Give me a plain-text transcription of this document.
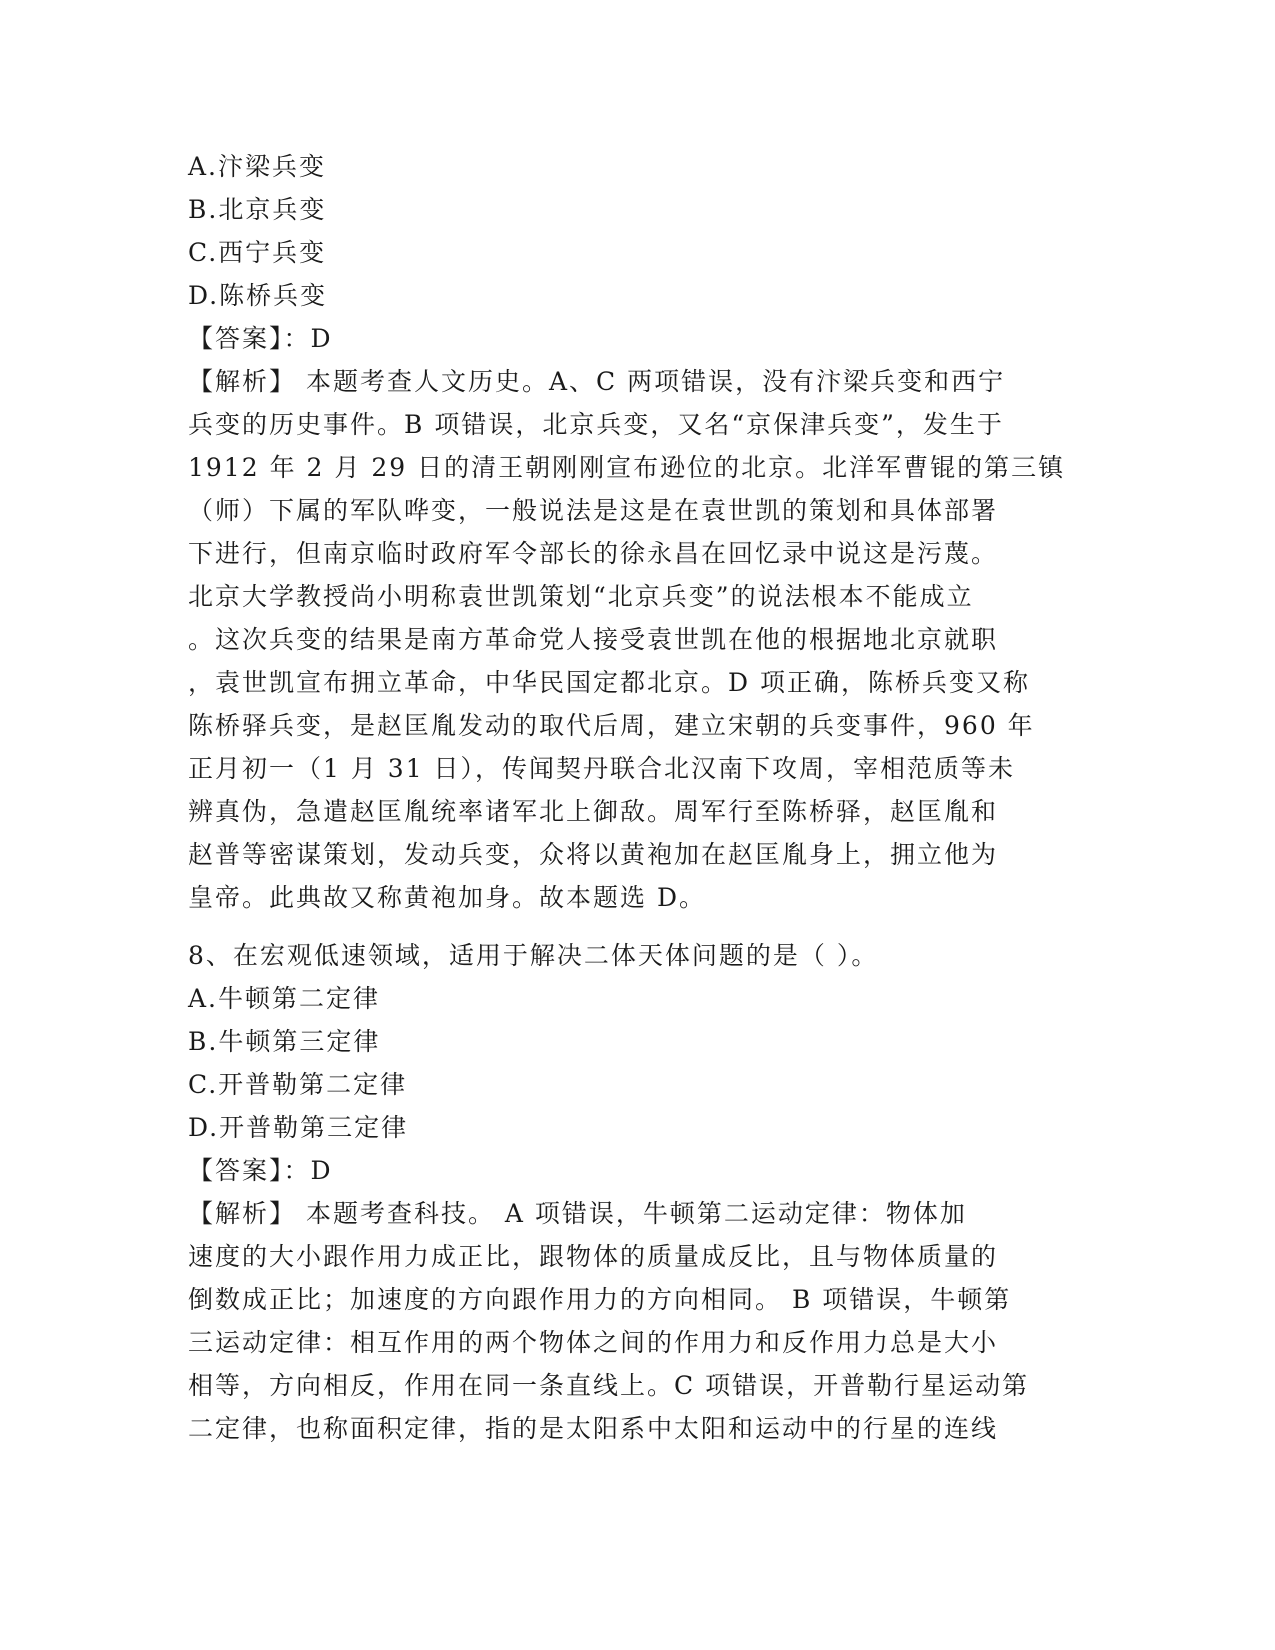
A.汴梁兵变
B.北京兵变
C.西宁兵变
D.陈桥兵变
【答案】：D
【解析】 本题考查人文历史。A、C 两项错误，没有汴梁兵变和西宁
兵变的历史事件。B 项错误，北京兵变，又名“京保津兵变”，发生于
1912 年 2 月 29 日的清王朝刚刚宣布逊位的北京。北洋军曹锟的第三镇
（师）下属的军队哗变，一般说法是这是在袁世凯的策划和具体部署
下进行，但南京临时政府军令部长的徐永昌在回忆录中说这是污蔑。
北京大学教授尚小明称袁世凯策划“北京兵变”的说法根本不能成立
。这次兵变的结果是南方革命党人接受袁世凯在他的根据地北京就职
，袁世凯宣布拥立革命，中华民国定都北京。D 项正确，陈桥兵变又称
陈桥驿兵变，是赵匡胤发动的取代后周，建立宋朝的兵变事件，960 年
正月初一（1 月 31 日），传闻契丹联合北汉南下攻周，宰相范质等未
辨真伪，急遣赵匡胤统率诸军北上御敌。周军行至陈桥驿，赵匡胤和
赵普等密谋策划，发动兵变，众将以黄袍加在赵匡胤身上，拥立他为
皇帝。此典故又称黄袍加身。故本题选 D。
8、在宏观低速领域，适用于解决二体天体问题的是（ ）。
A.牛顿第二定律
B.牛顿第三定律
C.开普勒第二定律
D.开普勒第三定律
【答案】：D
【解析】 本题考查科技。 A 项错误，牛顿第二运动定律：物体加
速度的大小跟作用力成正比，跟物体的质量成反比，且与物体质量的
倒数成正比；加速度的方向跟作用力的方向相同。 B 项错误，牛顿第
三运动定律：相互作用的两个物体之间的作用力和反作用力总是大小
相等，方向相反，作用在同一条直线上。C 项错误，开普勒行星运动第
二定律，也称面积定律，指的是太阳系中太阳和运动中的行星的连线
